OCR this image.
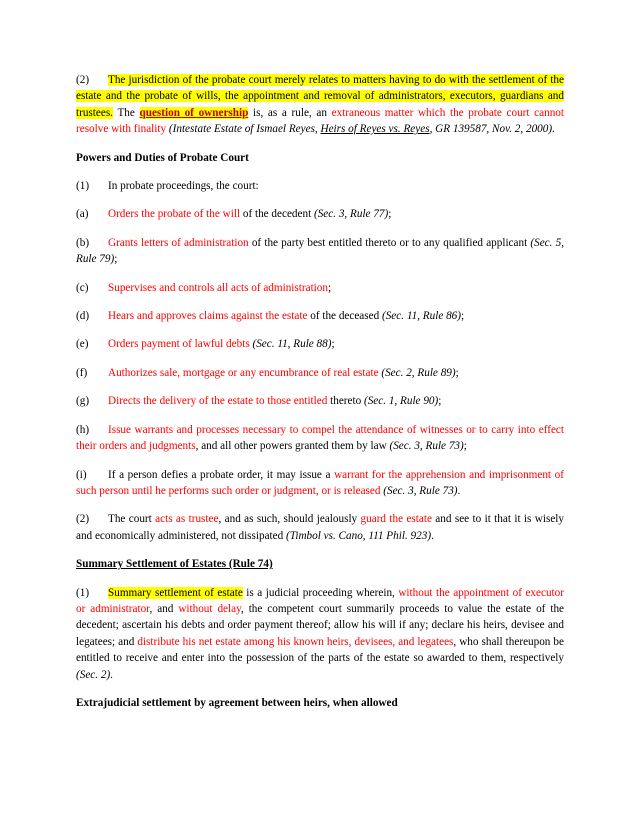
(2) The jurisdiction of the probate court merely relates to matters having to do with the settlement of the estate and the probate of wills, the appointment and removal of administrators, executors, guardians and trustees. The question of ownership is, as a rule, an extraneous matter which the probate court cannot resolve with finality (Intestate Estate of Ismael Reyes, Heirs of Reyes vs. Reyes, GR 139587, Nov. 2, 2000).

Powers and Duties of Probate Court

(1) In probate proceedings, the court:

(a) Orders the probate of the will of the decedent (Sec. 3, Rule 77);

(b) Grants letters of administration of the party best entitled thereto or to any qualified applicant (Sec. 5, Rule 79);

(c) Supervises and controls all acts of administration;

(d) Hears and approves claims against the estate of the deceased (Sec. 11, Rule 86);

(e) Orders payment of lawful debts (Sec. 11, Rule 88);

(f) Authorizes sale, mortgage or any encumbrance of real estate (Sec. 2, Rule 89);

(g) Directs the delivery of the estate to those entitled thereto (Sec. 1, Rule 90);

(h) Issue warrants and processes necessary to compel the attendance of witnesses or to carry into effect their orders and judgments, and all other powers granted them by law (Sec. 3, Rule 73);

(i) If a person defies a probate order, it may issue a warrant for the apprehension and imprisonment of such person until he performs such order or judgment, or is released (Sec. 3, Rule 73).

(2) The court acts as trustee, and as such, should jealously guard the estate and see to it that it is wisely and economically administered, not dissipated (Timbol vs. Cano, 111 Phil. 923).

Summary Settlement of Estates (Rule 74)

(1) Summary settlement of estate is a judicial proceeding wherein, without the appointment of executor or administrator, and without delay, the competent court summarily proceeds to value the estate of the decedent; ascertain his debts and order payment thereof; allow his will if any; declare his heirs, devisee and legatees; and distribute his net estate among his known heirs, devisees, and legatees, who shall thereupon be entitled to receive and enter into the possession of the parts of the estate so awarded to them, respectively (Sec. 2).

Extrajudicial settlement by agreement between heirs, when allowed
